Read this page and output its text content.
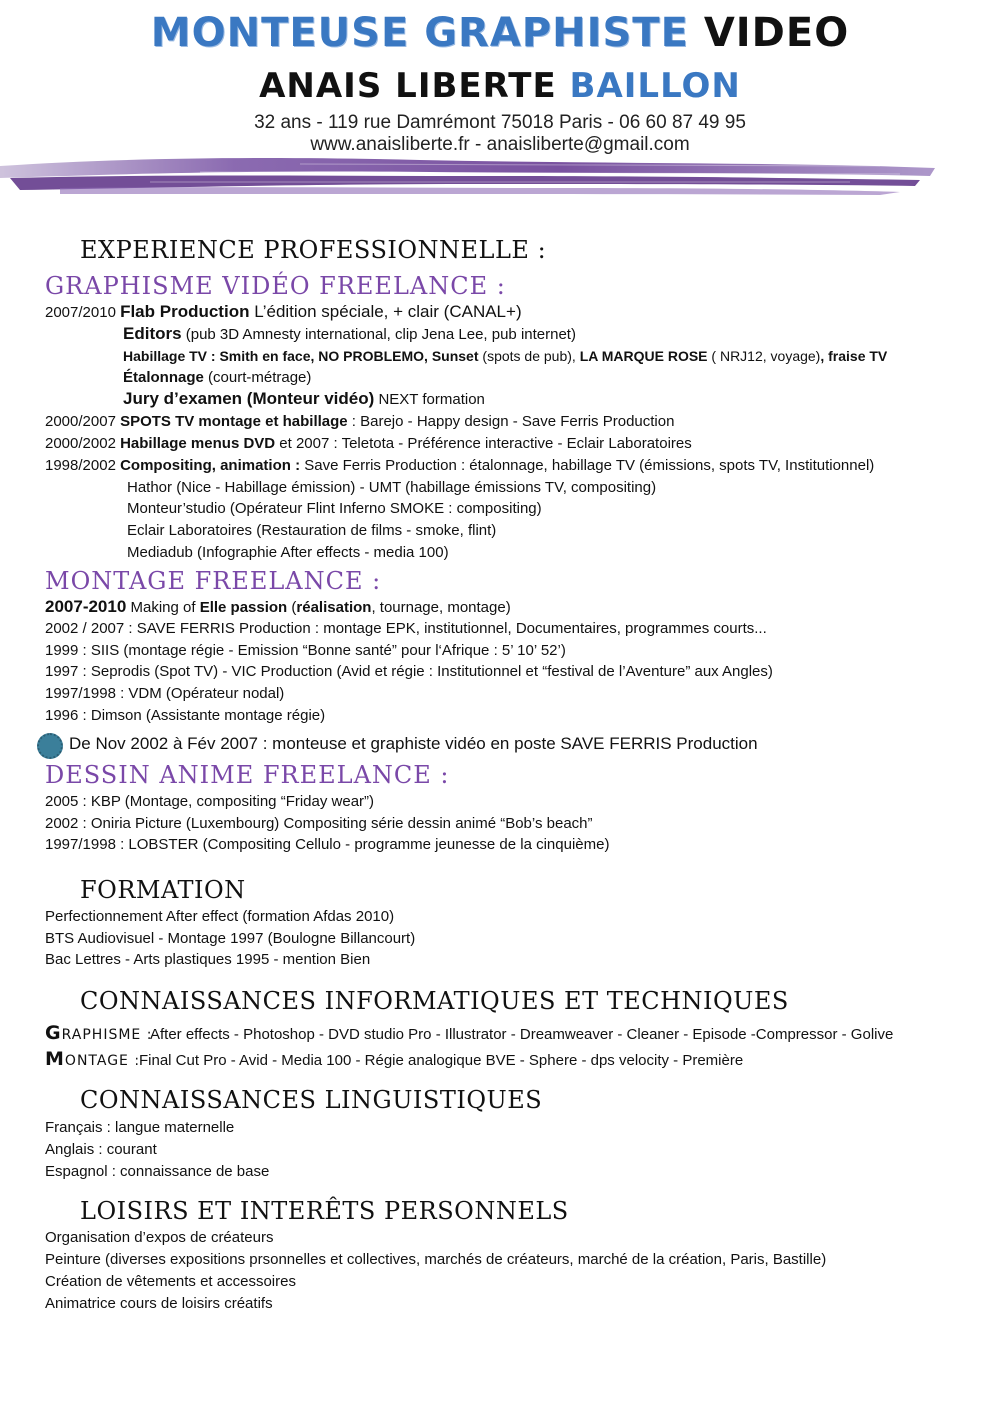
MONTEUSE GRAPHISTE VIDEO
ANAIS LIBERTE BAILLON
32 ans - 119 rue Damrémont 75018 Paris - 06 60 87 49 95
www.anaisliberte.fr - anaisliberte@gmail.com
EXPERIENCE PROFESSIONNELLE :
GRAPHISME VIDÉO FREELANCE :
2007/2010 Flab Production L’édition spéciale, + clair (CANAL+)
Editors (pub 3D Amnesty international, clip Jena Lee, pub internet)
Habillage TV : Smith en face, NO PROBLEMO, Sunset (spots de pub), LA MARQUE ROSE ( NRJ12, voyage), fraise TV
Étalonnage (court-métrage)
Jury d’examen (Monteur vidéo) NEXT formation
2000/2007 SPOTS TV montage et habillage : Barejo - Happy design - Save Ferris Production
2000/2002 Habillage menus DVD et 2007 : Teletota - Préférence interactive - Eclair Laboratoires
1998/2002 Compositing, animation : Save Ferris Production : étalonnage, habillage TV (émissions, spots TV, Institutionnel)
Hathor (Nice - Habillage émission) - UMT (habillage émissions TV, compositing)
Monteur’studio (Opérateur Flint Inferno SMOKE : compositing)
Eclair Laboratoires (Restauration de films - smoke, flint)
Mediadub (Infographie After effects - media 100)
MONTAGE FREELANCE :
2007-2010 Making of Elle passion (réalisation, tournage, montage)
2002 / 2007 : SAVE FERRIS Production : montage EPK, institutionnel, Documentaires, programmes courts...
1999 : SIIS (montage régie - Emission “Bonne santé” pour l‘Afrique : 5’ 10’ 52’)
1997 : Seprodis (Spot TV) - VIC Production (Avid et régie : Institutionnel et “festival de l’Aventure” aux Angles)
1997/1998 : VDM (Opérateur nodal)
1996 : Dimson (Assistante montage régie)
De Nov 2002 à Fév 2007 : monteuse et graphiste vidéo en poste SAVE FERRIS Production
DESSIN ANIME FREELANCE :
2005 : KBP (Montage, compositing “Friday wear”)
2002 : Oniria Picture (Luxembourg) Compositing série dessin animé “Bob’s beach”
1997/1998 : LOBSTER (Compositing Cellulo - programme jeunesse de la cinquième)
FORMATION
Perfectionnement After effect (formation Afdas 2010)
BTS Audiovisuel - Montage 1997 (Boulogne Billancourt)
Bac Lettres - Arts plastiques 1995 - mention Bien
CONNAISSANCES INFORMATIQUES ET TECHNIQUES
GRAPHISME :
After effects - Photoshop - DVD studio Pro - Illustrator - Dreamweaver - Cleaner - Episode -Compressor - Golive
MONTAGE :
Final Cut Pro - Avid - Media 100 - Régie analogique BVE - Sphere - dps velocity - Première
CONNAISSANCES LINGUISTIQUES
Français : langue maternelle
Anglais : courant
Espagnol : connaissance de base
LOISIRS ET INTERÊTS PERSONNELS
Organisation d’expos de créateurs
Peinture (diverses expositions prsonnelles et collectives, marchés de créateurs, marché de la création, Paris, Bastille)
Création de vêtements et accessoires
Animatrice cours de loisirs créatifs
